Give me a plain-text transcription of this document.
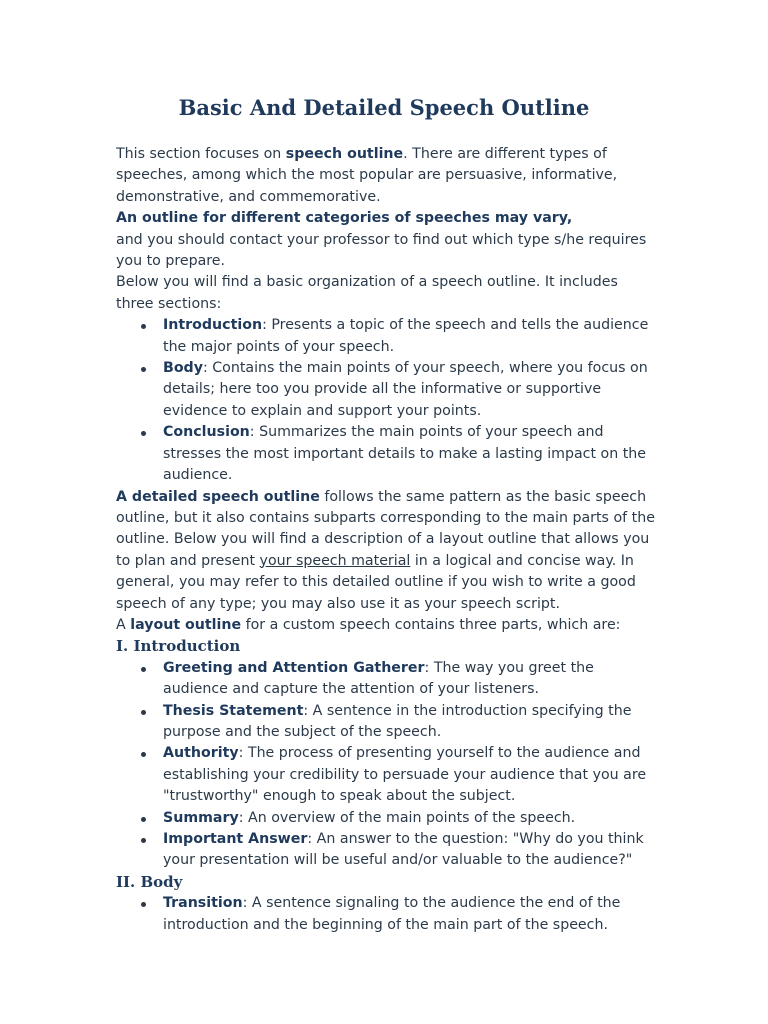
Basic And Detailed Speech Outline

This section focuses on speech outline. There are different types of speeches, among which the most popular are persuasive, informative, demonstrative, and commemorative.

An outline for different categories of speeches may vary,

and you should contact your professor to find out which type s/he requires you to prepare.

Below you will find a basic organization of a speech outline. It includes three sections:

Introduction: Presents a topic of the speech and tells the audience the major points of your speech.
Body: Contains the main points of your speech, where you focus on details; here too you provide all the informative or supportive evidence to explain and support your points.
Conclusion: Summarizes the main points of your speech and stresses the most important details to make a lasting impact on the audience.

A detailed speech outline follows the same pattern as the basic speech outline, but it also contains subparts corresponding to the main parts of the outline. Below you will find a description of a layout outline that allows you to plan and present your speech material in a logical and concise way. In general, you may refer to this detailed outline if you wish to write a good speech of any type; you may also use it as your speech script.

A layout outline for a custom speech contains three parts, which are:

I. Introduction
Greeting and Attention Gatherer: The way you greet the audience and capture the attention of your listeners.
Thesis Statement: A sentence in the introduction specifying the purpose and the subject of the speech.
Authority: The process of presenting yourself to the audience and establishing your credibility to persuade your audience that you are "trustworthy" enough to speak about the subject.
Summary: An overview of the main points of the speech.
Important Answer: An answer to the question: "Why do you think your presentation will be useful and/or valuable to the audience?"
II. Body
Transition: A sentence signaling to the audience the end of the introduction and the beginning of the main part of the speech.
